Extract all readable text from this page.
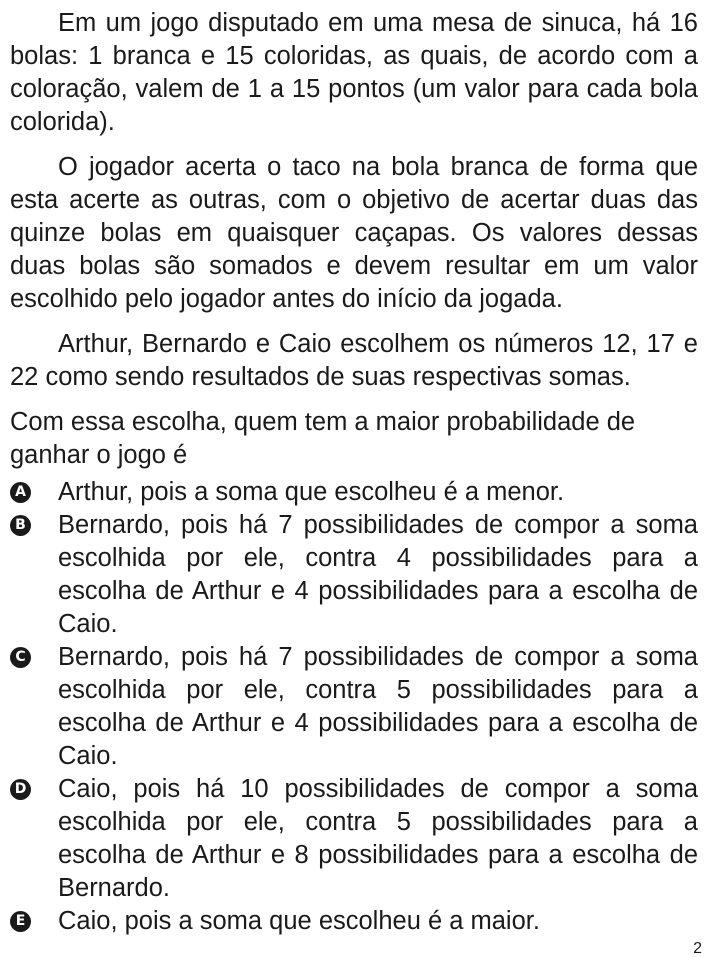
Em um jogo disputado em uma mesa de sinuca, há 16 bolas: 1 branca e 15 coloridas, as quais, de acordo com a coloração, valem de 1 a 15 pontos (um valor para cada bola colorida).

O jogador acerta o taco na bola branca de forma que esta acerte as outras, com o objetivo de acertar duas das quinze bolas em quaisquer caçapas. Os valores dessas duas bolas são somados e devem resultar em um valor escolhido pelo jogador antes do início da jogada.

Arthur, Bernardo e Caio escolhem os números 12, 17 e 22 como sendo resultados de suas respectivas somas.

Com essa escolha, quem tem a maior probabilidade de ganhar o jogo é

A Arthur, pois a soma que escolheu é a menor.
B Bernardo, pois há 7 possibilidades de compor a soma escolhida por ele, contra 4 possibilidades para a escolha de Arthur e 4 possibilidades para a escolha de Caio.
C Bernardo, pois há 7 possibilidades de compor a soma escolhida por ele, contra 5 possibilidades para a escolha de Arthur e 4 possibilidades para a escolha de Caio.
D Caio, pois há 10 possibilidades de compor a soma escolhida por ele, contra 5 possibilidades para a escolha de Arthur e 8 possibilidades para a escolha de Bernardo.
E Caio, pois a soma que escolheu é a maior.
2
